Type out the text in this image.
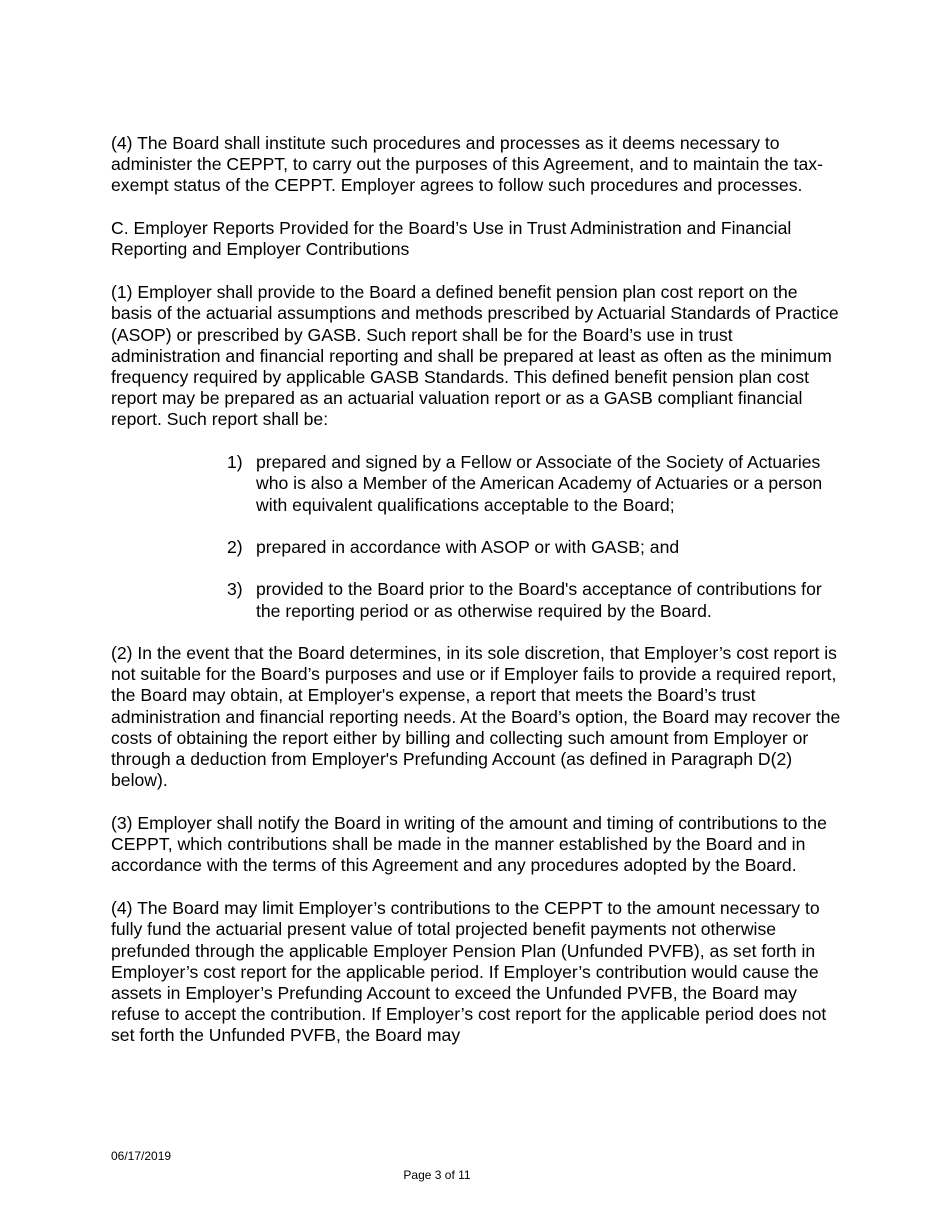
(4) The Board shall institute such procedures and processes as it deems necessary to administer the CEPPT, to carry out the purposes of this Agreement, and to maintain the tax-exempt status of the CEPPT. Employer agrees to follow such procedures and processes.

C. Employer Reports Provided for the Board’s Use in Trust Administration and Financial Reporting and Employer Contributions

(1) Employer shall provide to the Board a defined benefit pension plan cost report on the basis of the actuarial assumptions and methods prescribed by Actuarial Standards of Practice (ASOP) or prescribed by GASB. Such report shall be for the Board’s use in trust administration and financial reporting and shall be prepared at least as often as the minimum frequency required by applicable GASB Standards. This defined benefit pension plan cost report may be prepared as an actuarial valuation report or as a GASB compliant financial report. Such report shall be:

1) prepared and signed by a Fellow or Associate of the Society of Actuaries who is also a Member of the American Academy of Actuaries or a person with equivalent qualifications acceptable to the Board;
2) prepared in accordance with ASOP or with GASB; and
3) provided to the Board prior to the Board's acceptance of contributions for the reporting period or as otherwise required by the Board.

(2) In the event that the Board determines, in its sole discretion, that Employer’s cost report is not suitable for the Board’s purposes and use or if Employer fails to provide a required report, the Board may obtain, at Employer's expense, a report that meets the Board’s trust administration and financial reporting needs. At the Board’s option, the Board may recover the costs of obtaining the report either by billing and collecting such amount from Employer or through a deduction from Employer's Prefunding Account (as defined in Paragraph D(2) below).

(3) Employer shall notify the Board in writing of the amount and timing of contributions to the CEPPT, which contributions shall be made in the manner established by the Board and in accordance with the terms of this Agreement and any procedures adopted by the Board.

(4) The Board may limit Employer’s contributions to the CEPPT to the amount necessary to fully fund the actuarial present value of total projected benefit payments not otherwise prefunded through the applicable Employer Pension Plan (Unfunded PVFB), as set forth in Employer’s cost report for the applicable period. If Employer’s contribution would cause the assets in Employer’s Prefunding Account to exceed the Unfunded PVFB, the Board may refuse to accept the contribution. If Employer’s cost report for the applicable period does not set forth the Unfunded PVFB, the Board may

06/17/2019
Page 3 of 11
